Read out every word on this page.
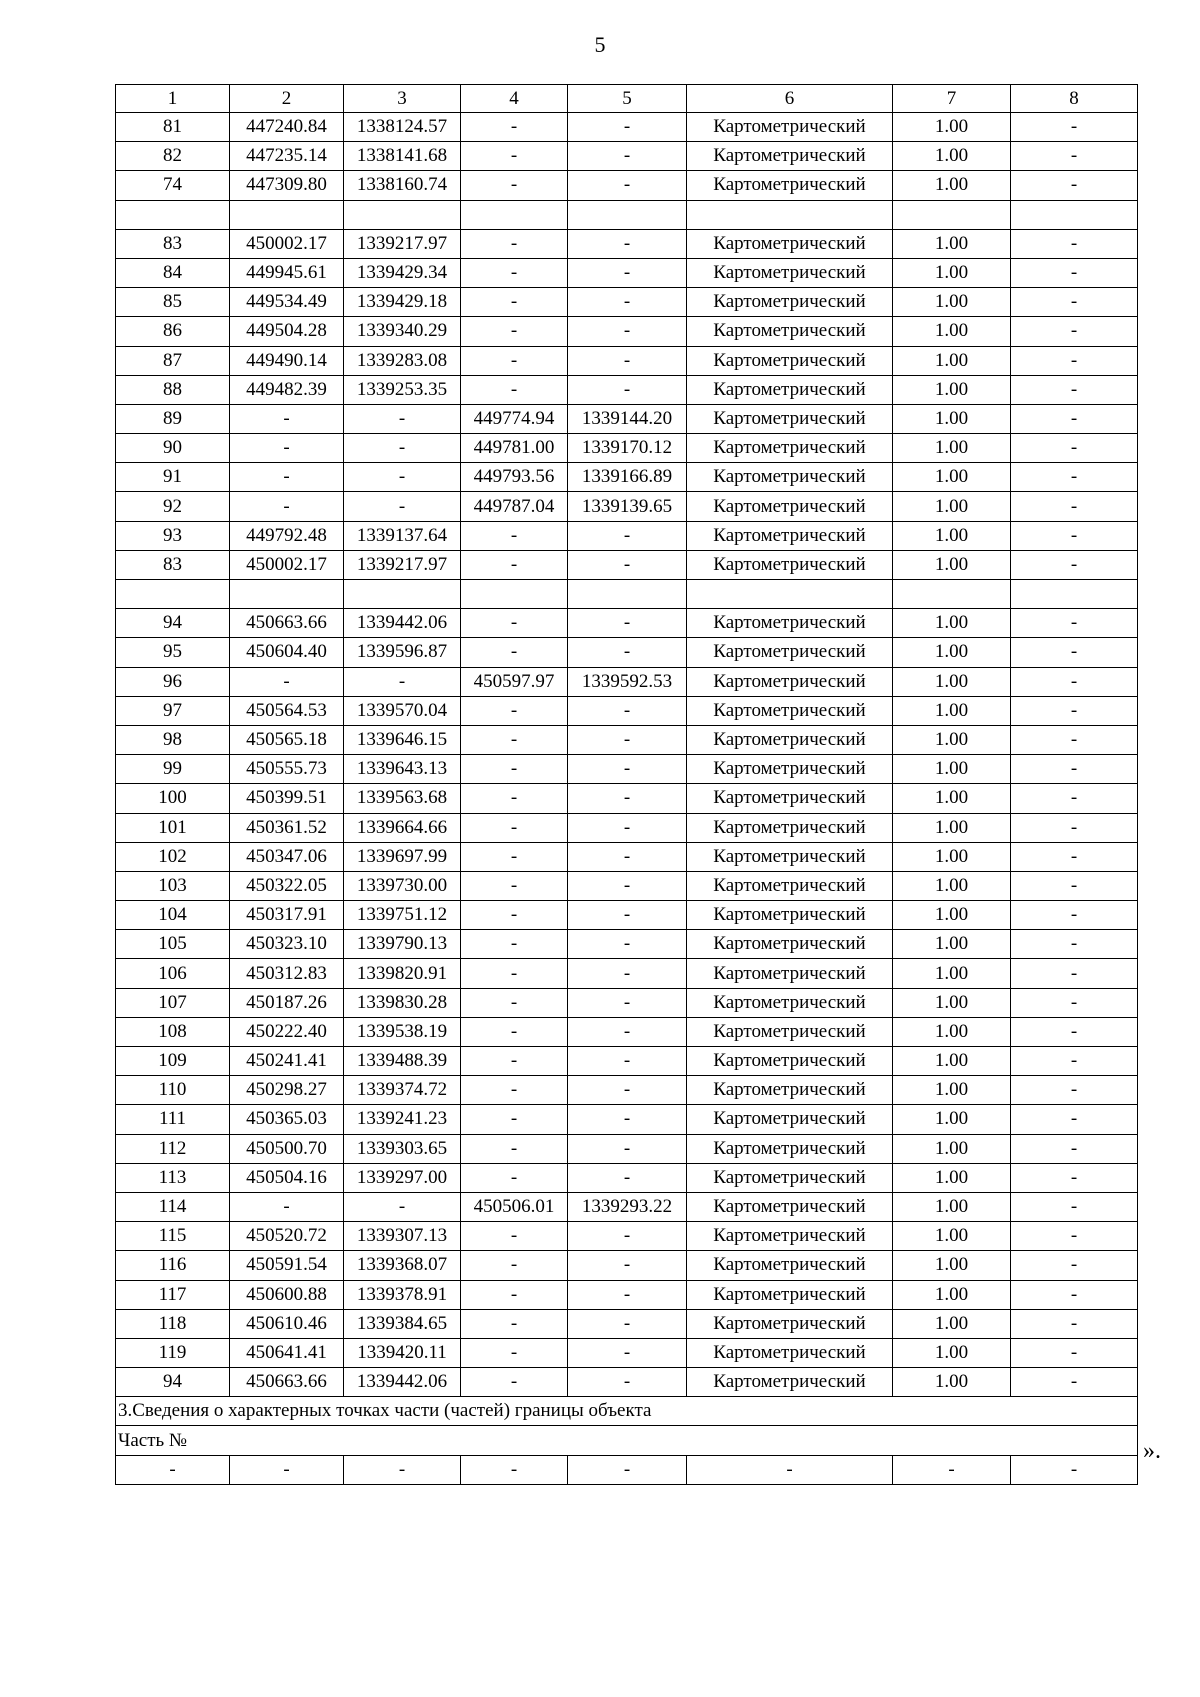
5
1	2	3	4	5	6	7	8
81	447240.84	1338124.57	-	-	Картометрический	1.00	-
82	447235.14	1338141.68	-	-	Картометрический	1.00	-
74	447309.80	1338160.74	-	-	Картометрический	1.00	-

83	450002.17	1339217.97	-	-	Картометрический	1.00	-
84	449945.61	1339429.34	-	-	Картометрический	1.00	-
85	449534.49	1339429.18	-	-	Картометрический	1.00	-
86	449504.28	1339340.29	-	-	Картометрический	1.00	-
87	449490.14	1339283.08	-	-	Картометрический	1.00	-
88	449482.39	1339253.35	-	-	Картометрический	1.00	-
89	-	-	449774.94	1339144.20	Картометрический	1.00	-
90	-	-	449781.00	1339170.12	Картометрический	1.00	-
91	-	-	449793.56	1339166.89	Картометрический	1.00	-
92	-	-	449787.04	1339139.65	Картометрический	1.00	-
93	449792.48	1339137.64	-	-	Картометрический	1.00	-
83	450002.17	1339217.97	-	-	Картометрический	1.00	-

94	450663.66	1339442.06	-	-	Картометрический	1.00	-
95	450604.40	1339596.87	-	-	Картометрический	1.00	-
96	-	-	450597.97	1339592.53	Картометрический	1.00	-
97	450564.53	1339570.04	-	-	Картометрический	1.00	-
98	450565.18	1339646.15	-	-	Картометрический	1.00	-
99	450555.73	1339643.13	-	-	Картометрический	1.00	-
100	450399.51	1339563.68	-	-	Картометрический	1.00	-
101	450361.52	1339664.66	-	-	Картометрический	1.00	-
102	450347.06	1339697.99	-	-	Картометрический	1.00	-
103	450322.05	1339730.00	-	-	Картометрический	1.00	-
104	450317.91	1339751.12	-	-	Картометрический	1.00	-
105	450323.10	1339790.13	-	-	Картометрический	1.00	-
106	450312.83	1339820.91	-	-	Картометрический	1.00	-
107	450187.26	1339830.28	-	-	Картометрический	1.00	-
108	450222.40	1339538.19	-	-	Картометрический	1.00	-
109	450241.41	1339488.39	-	-	Картометрический	1.00	-
110	450298.27	1339374.72	-	-	Картометрический	1.00	-
111	450365.03	1339241.23	-	-	Картометрический	1.00	-
112	450500.70	1339303.65	-	-	Картометрический	1.00	-
113	450504.16	1339297.00	-	-	Картометрический	1.00	-
114	-	-	450506.01	1339293.22	Картометрический	1.00	-
115	450520.72	1339307.13	-	-	Картометрический	1.00	-
116	450591.54	1339368.07	-	-	Картометрический	1.00	-
117	450600.88	1339378.91	-	-	Картометрический	1.00	-
118	450610.46	1339384.65	-	-	Картометрический	1.00	-
119	450641.41	1339420.11	-	-	Картометрический	1.00	-
94	450663.66	1339442.06	-	-	Картометрический	1.00	-
3.Сведения о характерных точках части (частей) границы объекта							
Часть №							
-	-	-	-	-	-	-	-
».
